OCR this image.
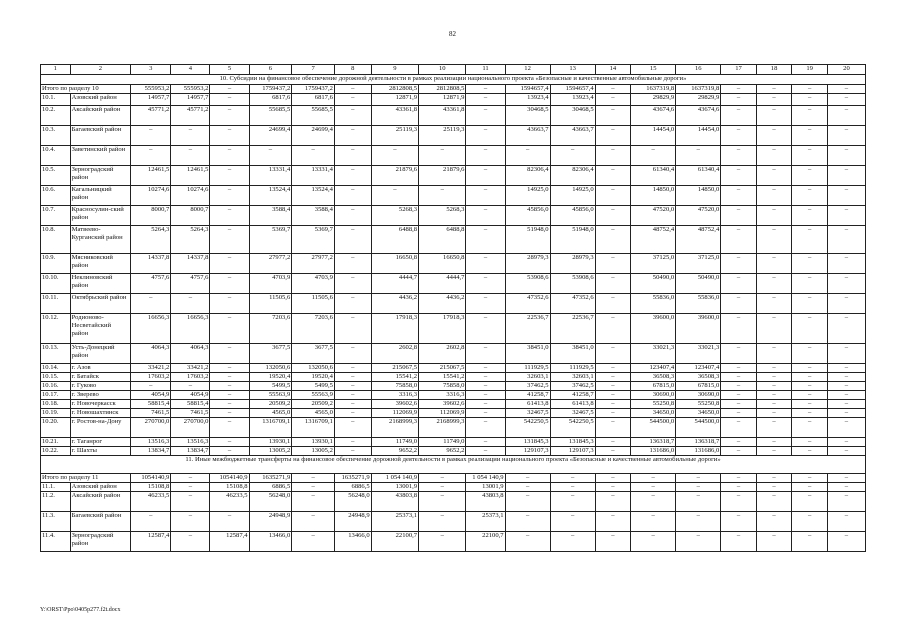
82
1	2	3	4	5	6	7	8	9	10	11	12	13	14	15	16	17	18	19	20
10. Субсидии на финансовое обеспечение дорожной деятельности в рамках реализации национального проекта «Безопасные и качественные автомобильные дороги»																			
Итого по разделу 10		555953,2	555953,2	–	1759437,2	1759437,2	–	2812808,5	2812808,5	–	1594657,4	1594657,4	–	1637319,8	1637319,8	–	–	–	–
10.1.	Азовский район	14957,7	14957,7	–	6817,6	6817,6	–	12871,9	12871,9	–	13923,4	13923,4	–	29829,9	29829,9	–	–	–	–
10.2.	Аксайский район	45771,2	45771,2	–	55685,5	55685,5	–	43361,8	43361,8	–	30468,5	30468,5	–	43674,6	43674,6	–	–	–	–
10.3.	Багаевский район	–	–	–	24699,4	24699,4	–	25119,3	25119,3	–	43663,7	43663,7	–	14454,0	14454,0	–	–	–	–
10.4.	Заветинский район	–	–	–	–	–	–	–	–	–	–	–	–	–	–	–	–	–	–
10.5.	Зерноградский район	12461,5	12461,5	–	13331,4	13331,4	–	21879,6	21879,6	–	82306,4	82306,4	–	61340,4	61340,4	–	–	–	–
10.6.	Кагальницкий район	10274,6	10274,6	–	13524,4	13524,4	–	–	–	–	14925,0	14925,0	–	14850,0	14850,0	–	–	–	–
10.7.	Красносулин-ский район	8000,7	8000,7	–	3588,4	3588,4	–	5268,3	5268,3	–	45856,0	45856,0	–	47520,0	47520,0	–	–	–	–
10.8.	Матвеево-Курганский район	5264,3	5264,3	–	5369,7	5369,7	–	6488,8	6488,8	–	51948,0	51948,0	–	48752,4	48752,4	–	–	–	–
10.9.	Мясниковский район	14337,8	14337,8	–	27977,2	27977,2	–	16650,8	16650,8	–	28979,3	28979,3	–	37125,0	37125,0	–	–	–	–
10.10.	Неклиновский район	4757,6	4757,6	–	4703,9	4703,9	–	4444,7	4444,7	–	53908,6	53908,6	–	50490,0	50490,0	–	–	–	–
10.11.	Октябрьский район	–	–	–	11505,6	11505,6	–	4436,2	4436,2	–	47352,6	47352,6	–	55836,0	55836,0	–	–	–	–
10.12.	Родионово-Несветайский район	16656,3	16656,3	–	7203,6	7203,6	–	17918,3	17918,3	–	22536,7	22536,7	–	39600,0	39600,0	–	–	–	–
10.13.	Усть-Донецкий район	4064,3	4064,3	–	3677,5	3677,5	–	2602,8	2602,8	–	38451,0	38451,0	–	33021,3	33021,3	–	–	–	–
10.14.	г. Азов	33421,2	33421,2	–	132050,6	132050,6	–	215067,5	215067,5	–	111929,5	111929,5	–	123407,4	123407,4	–	–	–	–
10.15.	г. Батайск	17603,2	17603,2	–	19520,4	19520,4	–	15541,2	15541,2	–	32603,1	32603,1	–	36508,3	36508,3	–	–	–	–
10.16.	г. Гуково	–	–	–	5499,5	5499,5	–	75858,0	75858,0	–	37462,5	37462,5	–	67815,0	67815,0	–	–	–	–
10.17.	г. Зверево	4054,9	4054,9	–	55563,9	55563,9	–	3316,3	3316,3	–	41258,7	41258,7	–	30690,0	30690,0	–	–	–	–
10.18.	г. Новочеркасск	58815,4	58815,4	–	20509,2	20509,2	–	39602,6	39602,6	–	61413,8	61413,8	–	55250,8	55250,8	–	–	–	–
10.19.	г. Новошахтинск	7461,5	7461,5	–	4565,0	4565,0	–	112069,9	112069,9	–	32467,5	32467,5	–	34650,0	34650,0	–	–	–	–
10.20.	г. Ростов-на-Дону	270700,0	270700,0	–	1316709,1	1316709,1	–	2168999,3	2168999,3	–	542250,5	542250,5	–	544500,0	544500,0	–	–	–	–
10.21.	г. Таганрог	13516,3	13516,3	–	13930,1	13930,1	–	11749,0	11749,0	–	131845,3	131845,3	–	136318,7	136318,7	–	–	–	–
10.22.	г. Шахты	13834,7	13834,7	–	13005,2	13005,2	–	9652,2	9652,2	–	129107,3	129107,3	–	131686,0	131686,0	–	–	–	–
11. Иные межбюджетные трансферты на финансовое обеспечение дорожной деятельности в рамках реализации национального проекта «Безопасные и качественные автомобильные дороги»																			
Итого по разделу 11		1054140,9	–	1054140,9	1635271,9	–	1635271,9	1 054 140,9	–	1 054 140,9	–	–	–	–	–	–	–	–	–
11.1.	Азовский район	15108,8	–	15108,8	6886,5	–	6886,5	13001,9	–	13001,9	–	–	–	–	–	–	–	–	–
11.2.	Аксайский район	46233,5	–	46233,5	56248,0	–	56248,0	43803,8	–	43803,8	–	–	–	–	–	–	–	–	–
11.3.	Багаевский район	–	–	–	24948,9	–	24948,9	25373,1	–	25373,1	–	–	–	–	–	–	–	–	–
11.4.	Зерноградский район	12587,4	–	12587,4	13466,0	–	13466,0	22100,7	–	22100,7	–	–	–	–	–	–	–	–	–
Y:\ORST\Ppo\0405p277.f2t.docx
